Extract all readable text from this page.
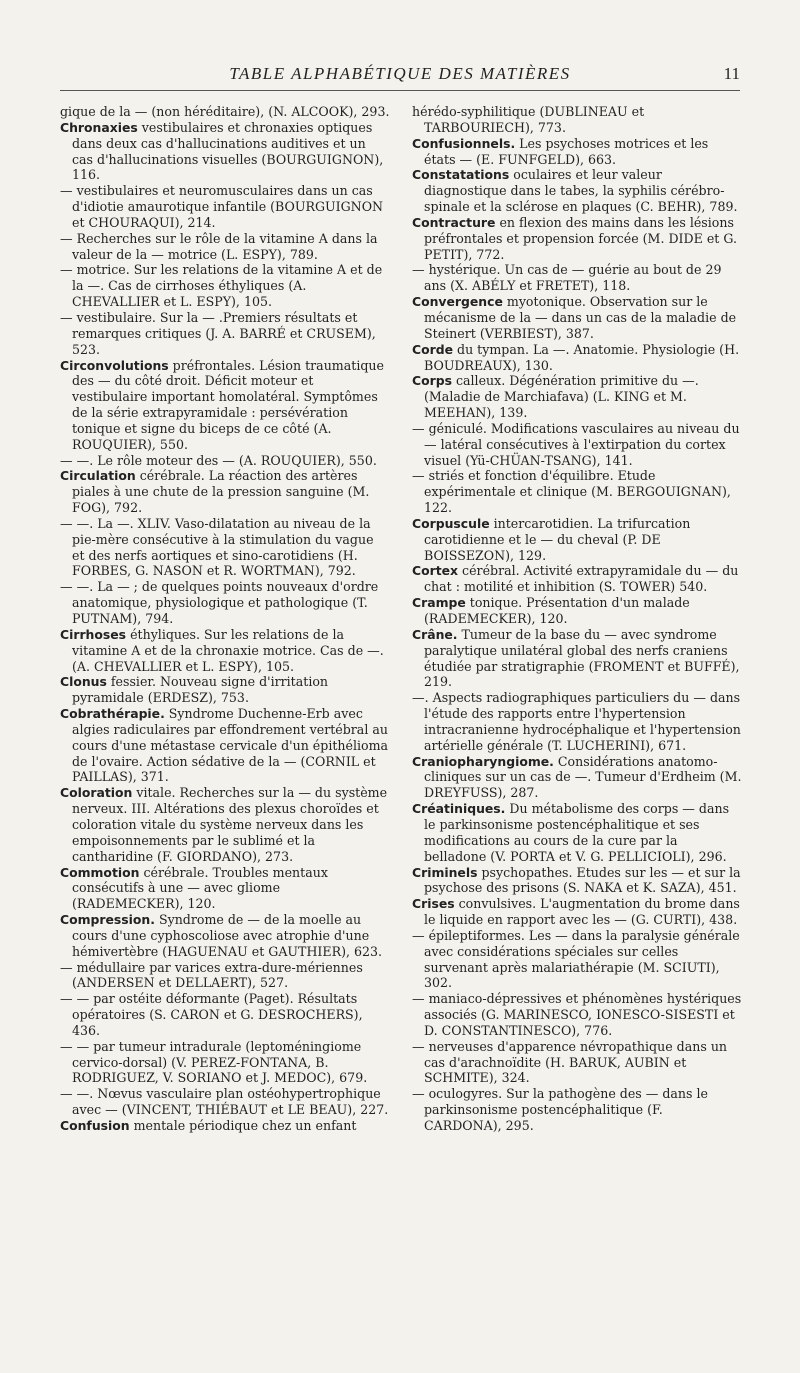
TABLE ALPHABÉTIQUE DES MATIÈRES	11

gique de la — (non héréditaire), (N. ALCOOK), 293.

Chronaxies vestibulaires et chronaxies optiques dans deux cas d'hallucinations auditives et un cas d'hallucinations visuelles (BOURGUIGNON), 116.

— vestibulaires et neuromusculaires dans un cas d'idiotie amaurotique infantile (BOURGUIGNON et CHOURAQUI), 214.

— Recherches sur le rôle de la vitamine A dans la valeur de la — motrice (L. ESPY), 789.

— motrice. Sur les relations de la vitamine A et de la —. Cas de cirrhoses éthyliques (A. CHEVALLIER et L. ESPY), 105.

— vestibulaire. Sur la — .Premiers résultats et remarques critiques (J. A. BARRÉ et CRUSEM), 523.

Circonvolutions préfrontales. Lésion traumatique des — du côté droit. Déficit moteur et vestibulaire important homolatéral. Symptômes de la série extrapyramidale : persévération tonique et signe du biceps de ce côté (A. ROUQUIER), 550.

— —. Le rôle moteur des — (A. ROUQUIER), 550.

Circulation cérébrale. La réaction des artères piales à une chute de la pression sanguine (M. FOG), 792.

— —. La —. XLIV. Vaso-dilatation au niveau de la pie-mère consécutive à la stimulation du vague et des nerfs aortiques et sino-carotidiens (H. FORBES, G. NASON et R. WORTMAN), 792.

— —. La — ; de quelques points nouveaux d'ordre anatomique, physiologique et pathologique (T. PUTNAM), 794.

Cirrhoses éthyliques. Sur les relations de la vitamine A et de la chronaxie motrice. Cas de —. (A. CHEVALLIER et L. ESPY), 105.

Clonus fessier. Nouveau signe d'irritation pyramidale (ERDESZ), 753.

Cobrathérapie. Syndrome Duchenne-Erb avec algies radiculaires par effondrement vertébral au cours d'une métastase cervicale d'un épithélioma de l'ovaire. Action sédative de la — (CORNIL et PAILLAS), 371.

Coloration vitale. Recherches sur la — du système nerveux. III. Altérations des plexus choroïdes et coloration vitale du système nerveux dans les empoisonnements par le sublimé et la cantharidine (F. GIORDANO), 273.

Commotion cérébrale. Troubles mentaux consécutifs à une — avec gliome (RADEMECKER), 120.

Compression. Syndrome de — de la moelle au cours d'une cyphoscoliose avec atrophie d'une hémivertèbre (HAGUENAU et GAUTHIER), 623.

— médullaire par varices extra-dure-mériennes (ANDERSEN et DELLAERT), 527.

— — par ostéite déformante (Paget). Résultats opératoires (S. CARON et G. DESROCHERS), 436.

— — par tumeur intradurale (leptoméningiome cervico-dorsal) (V. PEREZ-FONTANA, B. RODRIGUEZ, V. SORIANO et J. MEDOC), 679.

— —. Nœvus vasculaire plan ostéohypertrophique avec — (VINCENT, THIÉBAUT et LE BEAU), 227.

Confusion mentale périodique chez un enfant

hérédo-syphilitique (DUBLINEAU et TARBOURIECH), 773.

Confusionnels. Les psychoses motrices et les états — (E. FUNFGELD), 663.

Constatations oculaires et leur valeur diagnostique dans le tabes, la syphilis cérébro-spinale et la sclérose en plaques (C. BEHR), 789.

Contracture en flexion des mains dans les lésions préfrontales et propension forcée (M. DIDE et G. PETIT), 772.

— hystérique. Un cas de — guérie au bout de 29 ans (X. ABÉLY et FRETET), 118.

Convergence myotonique. Observation sur le mécanisme de la — dans un cas de la maladie de Steinert (VERBIEST), 387.

Corde du tympan. La —. Anatomie. Physiologie (H. BOUDREAUX), 130.

Corps calleux. Dégénération primitive du —. (Maladie de Marchiafava) (L. KING et M. MEEHAN), 139.

— géniculé. Modifications vasculaires au niveau du — latéral consécutives à l'extirpation du cortex visuel (Yü-CHÜAN-TSANG), 141.

— striés et fonction d'équilibre. Etude expérimentale et clinique (M. BERGOUIGNAN), 122.

Corpuscule intercarotidien. La trifurcation carotidienne et le — du cheval (P. DE BOISSEZON), 129.

Cortex cérébral. Activité extrapyramidale du — du chat : motilité et inhibition (S. TOWER) 540.

Crampe tonique. Présentation d'un malade (RADEMECKER), 120.

Crâne. Tumeur de la base du — avec syndrome paralytique unilatéral global des nerfs craniens étudiée par stratigraphie (FROMENT et BUFFÉ), 219.

—. Aspects radiographiques particuliers du — dans l'étude des rapports entre l'hypertension intracranienne hydrocéphalique et l'hypertension artérielle générale (T. LUCHERINI), 671.

Craniopharyngiome. Considérations anatomo-cliniques sur un cas de —. Tumeur d'Erdheim (M. DREYFUSS), 287.

Créatiniques. Du métabolisme des corps — dans le parkinsonisme postencéphalitique et ses modifications au cours de la cure par la belladone (V. PORTA et V. G. PELLICIOLI), 296.

Criminels psychopathes. Etudes sur les — et sur la psychose des prisons (S. NAKA et K. SAZA), 451.

Crises convulsives. L'augmentation du brome dans le liquide en rapport avec les — (G. CURTI), 438.

— épileptiformes. Les — dans la paralysie générale avec considérations spéciales sur celles survenant après malariathérapie (M. SCIUTI), 302.

— maniaco-dépressives et phénomènes hystériques associés (G. MARINESCO, IONESCO-SISESTI et D. CONSTANTINESCO), 776.

— nerveuses d'apparence névropathique dans un cas d'arachnoïdite (H. BARUK, AUBIN et SCHMITE), 324.

— oculogyres. Sur la pathogène des — dans le parkinsonisme postencéphalitique (F. CARDONA), 295.
